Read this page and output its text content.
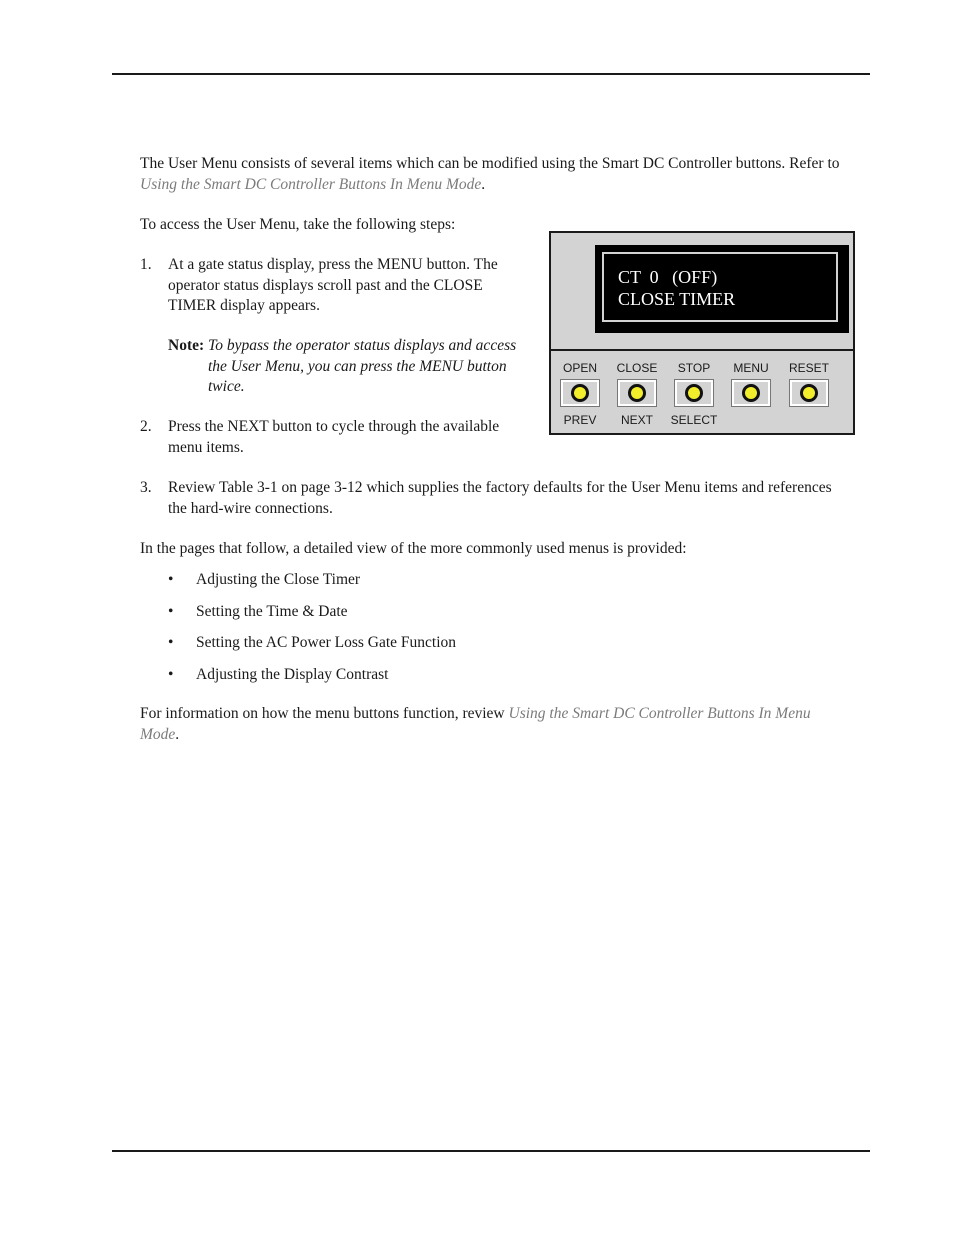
The User Menu consists of several items which can be modified using the Smart DC Controller buttons. Refer to Using the Smart DC Controller Buttons In Menu Mode.

To access the User Menu, take the following steps:

1. At a gate status display, press the MENU button. The
operator status displays scroll past and the CLOSE
TIMER display appears.
Note: To bypass the operator status displays and access the User Menu, you can press the MENU button twice.
2. Press the NEXT button to cycle through the available
menu items.
3. Review Table 3-1 on page 3-12 which supplies the factory defaults for the User Menu items and references
the hard-wire connections.

In the pages that follow, a detailed view of the more commonly used menus is provided:

• Adjusting the Close Timer
• Setting the Time & Date
• Setting the AC Power Loss Gate Function
• Adjusting the Display Contrast

For information on how the menu buttons function, review Using the Smart DC Controller Buttons In Menu
Mode.

CT  0   (OFF)
CLOSE TIMER
OPEN	CLOSE	STOP	MENU	RESET
PREV	NEXT	SELECT
